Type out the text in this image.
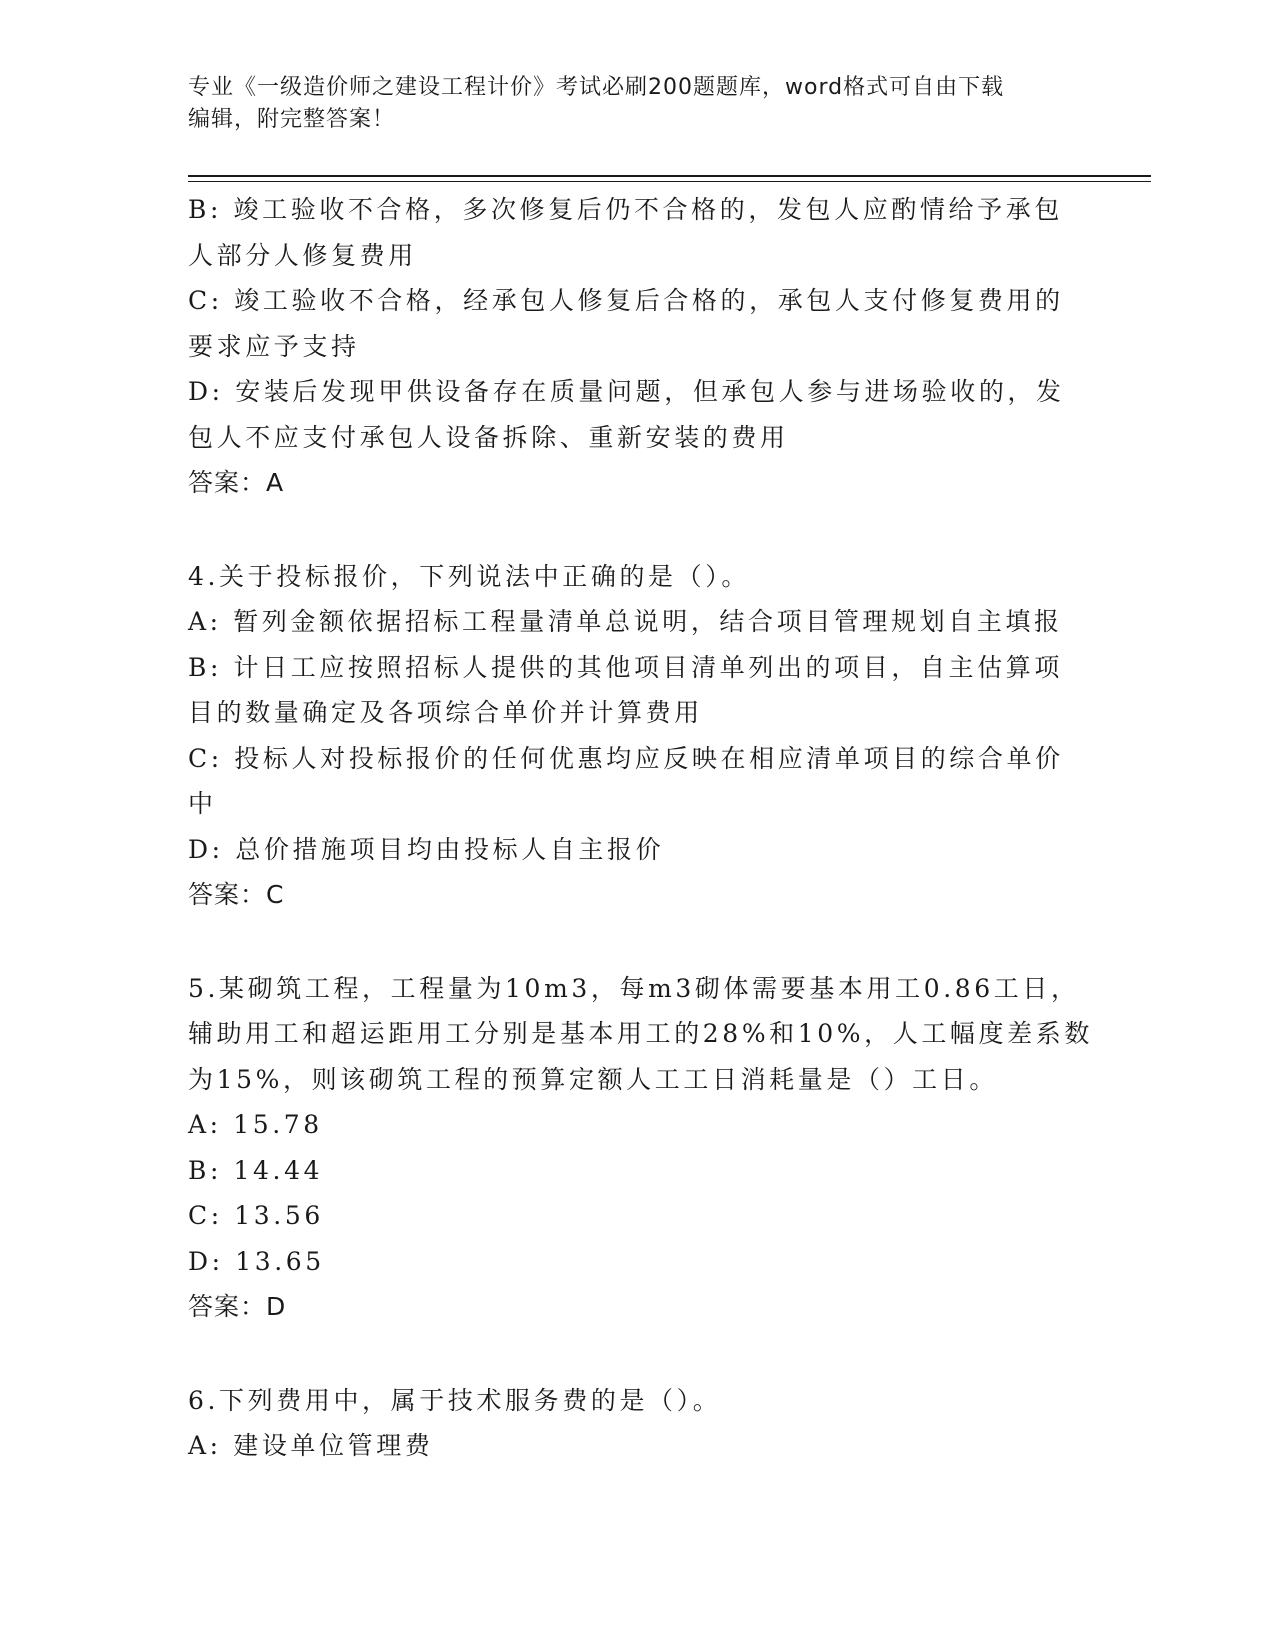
专业《一级造价师之建设工程计价》考试必刷200题题库，word格式可自由下载
编辑，附完整答案！

B: 竣工验收不合格，多次修复后仍不合格的，发包人应酌情给予承包

人部分人修复费用

C: 竣工验收不合格，经承包人修复后合格的，承包人支付修复费用的

要求应予支持

D: 安装后发现甲供设备存在质量问题，但承包人参与进场验收的，发

包人不应支付承包人设备拆除、重新安装的费用

答案：A

4.关于投标报价，下列说法中正确的是（）。

A: 暂列金额依据招标工程量清单总说明，结合项目管理规划自主填报

B: 计日工应按照招标人提供的其他项目清单列出的项目，自主估算项

目的数量确定及各项综合单价并计算费用

C: 投标人对投标报价的任何优惠均应反映在相应清单项目的综合单价

中

D: 总价措施项目均由投标人自主报价

答案：C

5.某砌筑工程，工程量为10m3，每m3砌体需要基本用工0.86工日，

辅助用工和超运距用工分别是基本用工的28%和10%，人工幅度差系数

为15%，则该砌筑工程的预算定额人工工日消耗量是（）工日。

A: 15.78

B: 14.44

C: 13.56

D: 13.65

答案：D

6.下列费用中，属于技术服务费的是（）。

A: 建设单位管理费
